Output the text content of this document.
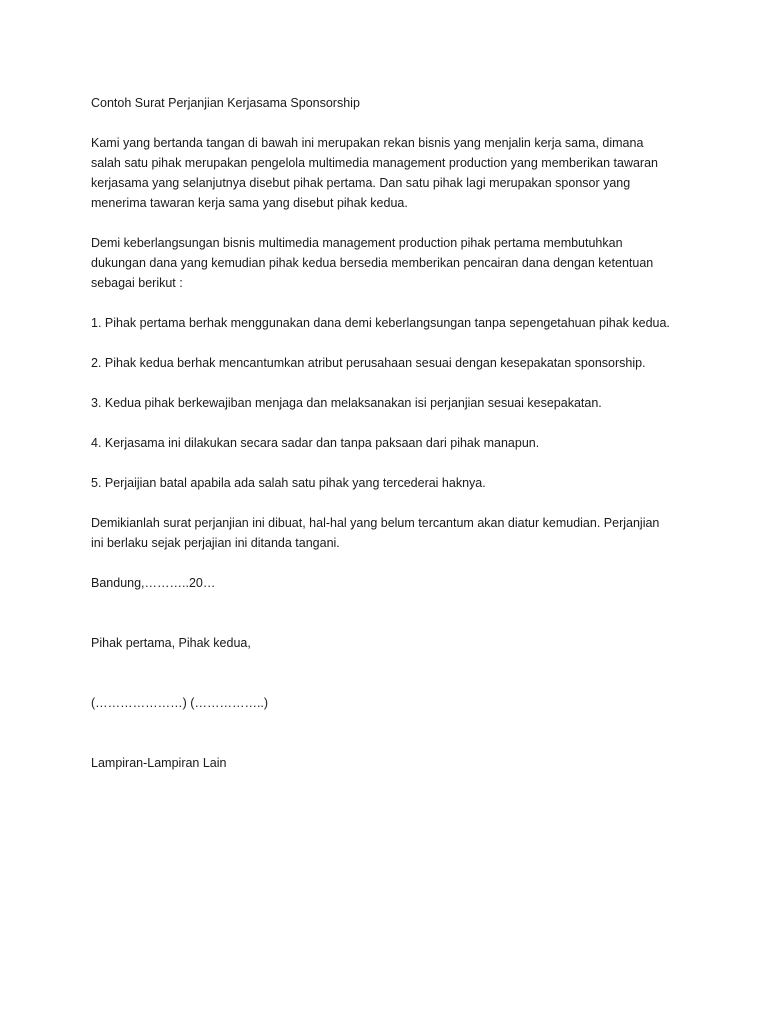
Contoh Surat Perjanjian Kerjasama Sponsorship
Kami yang bertanda tangan di bawah ini merupakan rekan bisnis yang menjalin kerja sama, dimana
salah satu pihak merupakan pengelola multimedia management production yang memberikan tawaran
kerjasama yang selanjutnya disebut pihak pertama. Dan satu pihak lagi merupakan sponsor yang
menerima tawaran kerja sama yang disebut pihak kedua.
Demi keberlangsungan bisnis multimedia management production pihak pertama membutuhkan
dukungan dana yang kemudian pihak kedua bersedia memberikan pencairan dana dengan ketentuan
sebagai berikut :
1. Pihak pertama berhak menggunakan dana demi keberlangsungan tanpa sepengetahuan pihak kedua.
2. Pihak kedua berhak mencantumkan atribut perusahaan sesuai dengan kesepakatan sponsorship.
3. Kedua pihak berkewajiban menjaga dan melaksanakan isi perjanjian sesuai kesepakatan.
4. Kerjasama ini dilakukan secara sadar dan tanpa paksaan dari pihak manapun.
5. Perjaijian batal apabila ada salah satu pihak yang tercederai haknya.
Demikianlah surat perjanjian ini dibuat, hal-hal yang belum tercantum akan diatur kemudian. Perjanjian
ini berlaku sejak perjajian ini ditanda tangani.
Bandung,………..20…
Pihak pertama, Pihak kedua,
(…………………) (……………..)
Lampiran-Lampiran Lain
